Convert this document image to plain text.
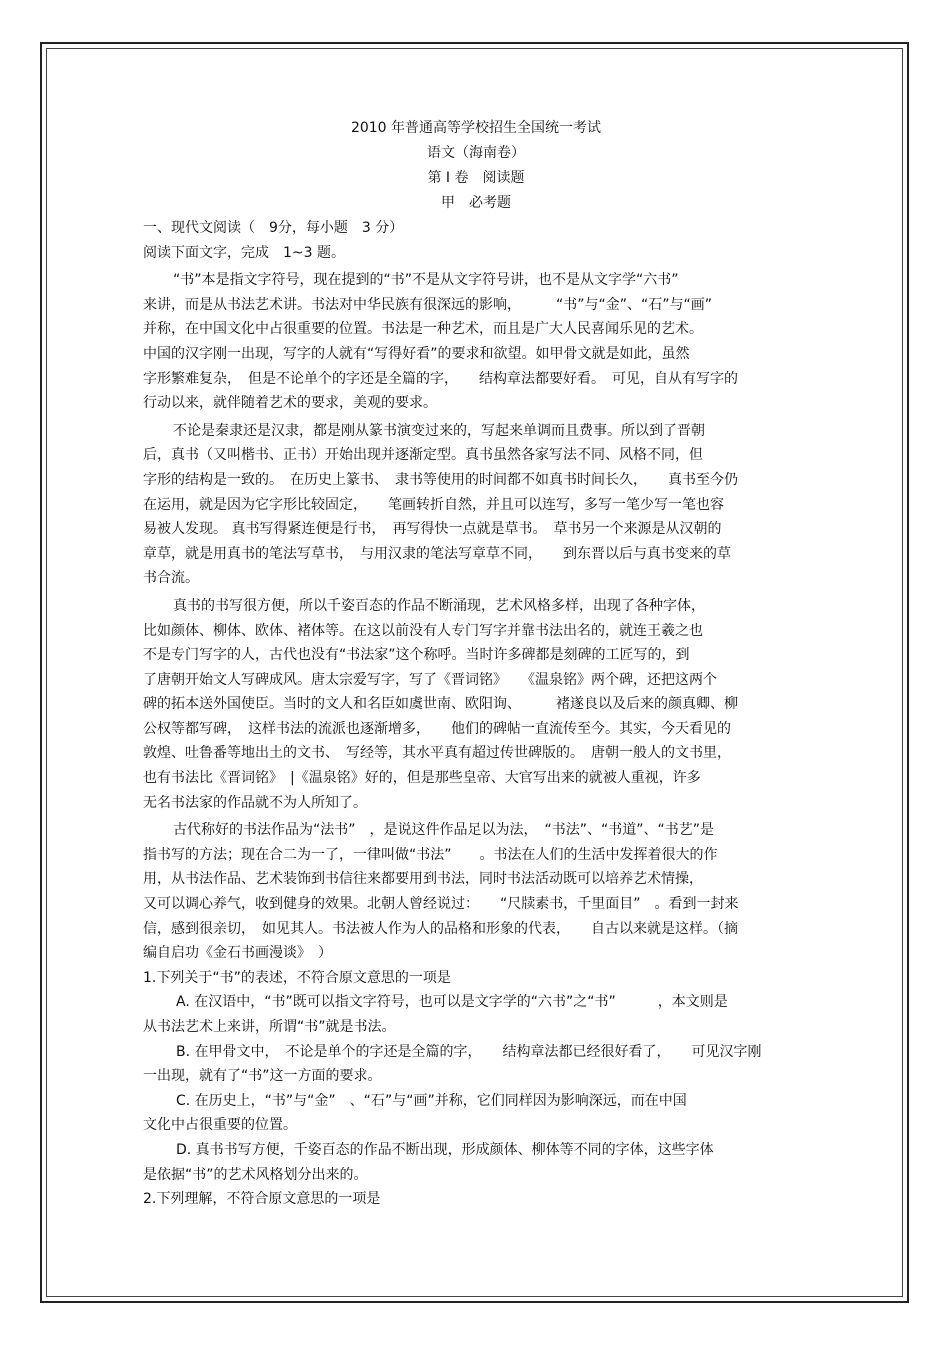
2010 年普通高等学校招生全国统一考试
语文（海南卷）
第 I 卷　阅读题
甲　必考题
一、现代文阅读（　9分，每小题　3 分）
阅读下面文字，完成　1~3 题。
“书”本是指文字符号，现在提到的“书”不是从文字符号讲，也不是从文字学“六书”
来讲，而是从书法艺术讲。书法对中华民族有很深远的影响，　　　“书”与“金”、“石”与“画”
并称，在中国文化中占很重要的位置。书法是一种艺术，而且是广大人民喜闻乐见的艺术。
中国的汉字刚一出现，写字的人就有“写得好看”的要求和欲望。如甲骨文就是如此，虽然
字形繁难复杂，　但是不论单个的字还是全篇的字，　　结构章法都要好看。　可见，自从有写字的
行动以来，就伴随着艺术的要求，美观的要求。
不论是秦隶还是汉隶，都是刚从篆书演变过来的，写起来单调而且费事。所以到了晋朝
后，真书（又叫楷书、正书）开始出现并逐渐定型。真书虽然各家写法不同、风格不同，但
字形的结构是一致的。　在历史上篆书、　隶书等使用的时间都不如真书时间长久，　　真书至今仍
在运用，就是因为它字形比较固定，　　笔画转折自然，并且可以连写，多写一笔少写一笔也容
易被人发现。 真书写得紧连便是行书，　再写得快一点就是草书。　草书另一个来源是从汉朝的
章草，就是用真书的笔法写草书，　与用汉隶的笔法写章草不同，　　到东晋以后与真书变来的草
书合流。
真书的书写很方便，所以千姿百态的作品不断涌现，艺术风格多样，出现了各种字体，
比如颜体、柳体、欧体、褚体等。在这以前没有人专门写字并靠书法出名的，就连王羲之也
不是专门写字的人，古代也没有“书法家”这个称呼。当时许多碑都是刻碑的工匠写的，到
了唐朝开始文人写碑成风。唐太宗爱写字，写了《晋词铭》　　《温泉铭》两个碑，还把这两个
碑的拓本送外国使臣。当时的文人和名臣如虞世南、欧阳询、　　　褚遂良以及后来的颜真卿、柳
公权等都写碑，　这样书法的流派也逐渐增多，　　他们的碑帖一直流传至今。其实，今天看见的
敦煌、吐鲁番等地出土的文书、　写经等，其水平真有超过传世碑版的。　唐朝一般人的文书里，
也有书法比《晋词铭》　|《温泉铭》好的，但是那些皇帝、大官写出来的就被人重视，许多
无名书法家的作品就不为人所知了。
古代称好的书法作品为“法书”　，是说这件作品足以为法，　“书法”、“书道”、“书艺”是
指书写的方法；现在合二为一了，一律叫做“书法”　　。书法在人们的生活中发挥着很大的作
用，从书法作品、艺术装饰到书信往来都要用到书法，同时书法活动既可以培养艺术情操，
又可以调心养气，收到健身的效果。北朝人曾经说过：　　“尺牍素书，千里面目”　。看到一封来
信，感到很亲切，　如见其人。书法被人作为人的品格和形象的代表，　　自古以来就是这样。（摘
编自启功《金石书画漫谈》　）
1.下列关于“书”的表述，不符合原文意思的一项是
A. 在汉语中，“书”既可以指文字符号，也可以是文字学的“六书”之“书”　　　，本文则是
从书法艺术上来讲，所谓“书”就是书法。
B. 在甲骨文中，　不论是单个的字还是全篇的字，　　结构章法都已经很好看了，　　可见汉字刚
一出现，就有了“书”这一方面的要求。
C. 在历史上，“书”与“金”　、“石”与“画”并称，它们同样因为影响深远，而在中国
文化中占很重要的位置。
D. 真书书写方便，千姿百态的作品不断出现，形成颜体、柳体等不同的字体，这些字体
是依据“书”的艺术风格划分出来的。
2.下列理解，不符合原文意思的一项是
